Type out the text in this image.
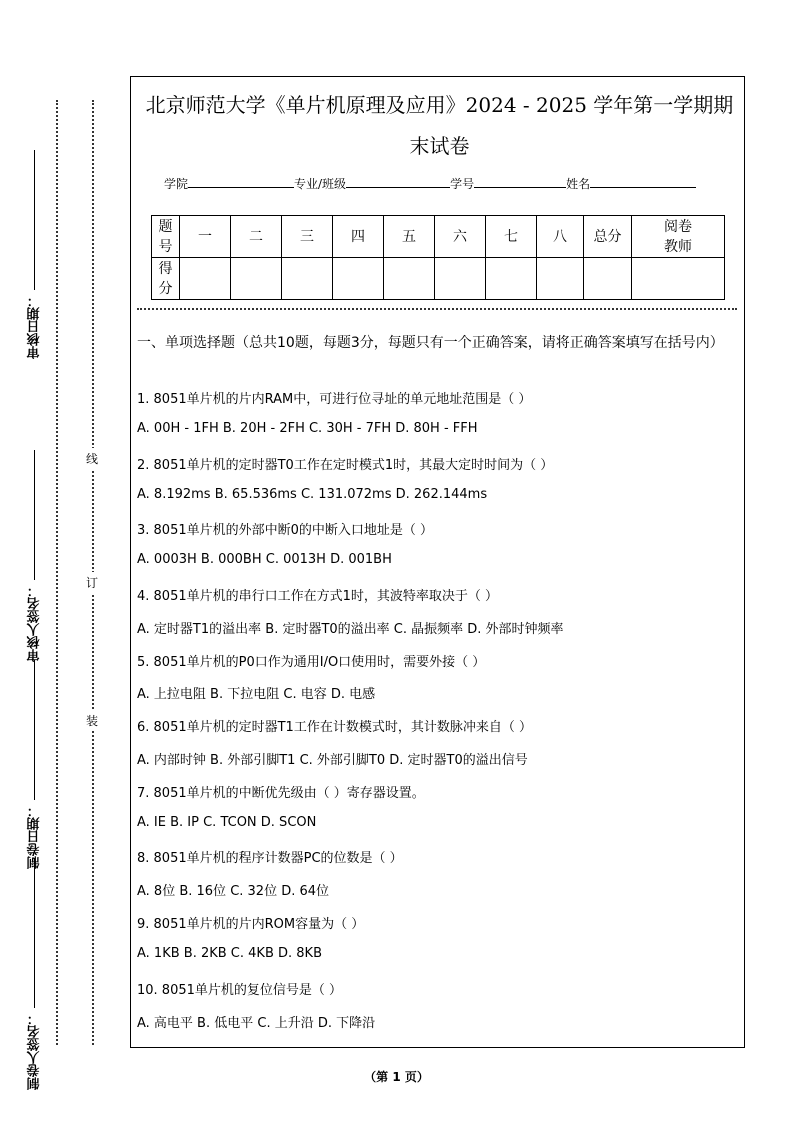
审核日期：
审核人签名：
制卷日期：
制卷人签名：
线
订
装
北京师范大学《单片机原理及应用》2024 - 2025 学年第一学期期
末试卷
学院	专业/班级	学号	姓名
题号	一	二	三	四	五	六	七	八	总分	阅卷教师
得分										
一、单项选择题（总共10题，每题3分，每题只有一个正确答案，请将正确答案填写在括号内）
1. 8051单片机的片内RAM中，可进行位寻址的单元地址范围是（ ）
A. 00H - 1FH B. 20H - 2FH C. 30H - 7FH D. 80H - FFH
2. 8051单片机的定时器T0工作在定时模式1时，其最大定时时间为（ ）
A. 8.192ms B. 65.536ms C. 131.072ms D. 262.144ms
3. 8051单片机的外部中断0的中断入口地址是（ ）
A. 0003H B. 000BH C. 0013H D. 001BH
4. 8051单片机的串行口工作在方式1时，其波特率取决于（ ）
A. 定时器T1的溢出率 B. 定时器T0的溢出率 C. 晶振频率 D. 外部时钟频率
5. 8051单片机的P0口作为通用I/O口使用时，需要外接（ ）
A. 上拉电阻 B. 下拉电阻 C. 电容 D. 电感
6. 8051单片机的定时器T1工作在计数模式时，其计数脉冲来自（ ）
A. 内部时钟 B. 外部引脚T1 C. 外部引脚T0 D. 定时器T0的溢出信号
7. 8051单片机的中断优先级由（ ）寄存器设置。
A. IE B. IP C. TCON D. SCON
8. 8051单片机的程序计数器PC的位数是（ ）
A. 8位 B. 16位 C. 32位 D. 64位
9. 8051单片机的片内ROM容量为（ ）
A. 1KB B. 2KB C. 4KB D. 8KB
10. 8051单片机的复位信号是（ ）
A. 高电平 B. 低电平 C. 上升沿 D. 下降沿
（第 1 页）
